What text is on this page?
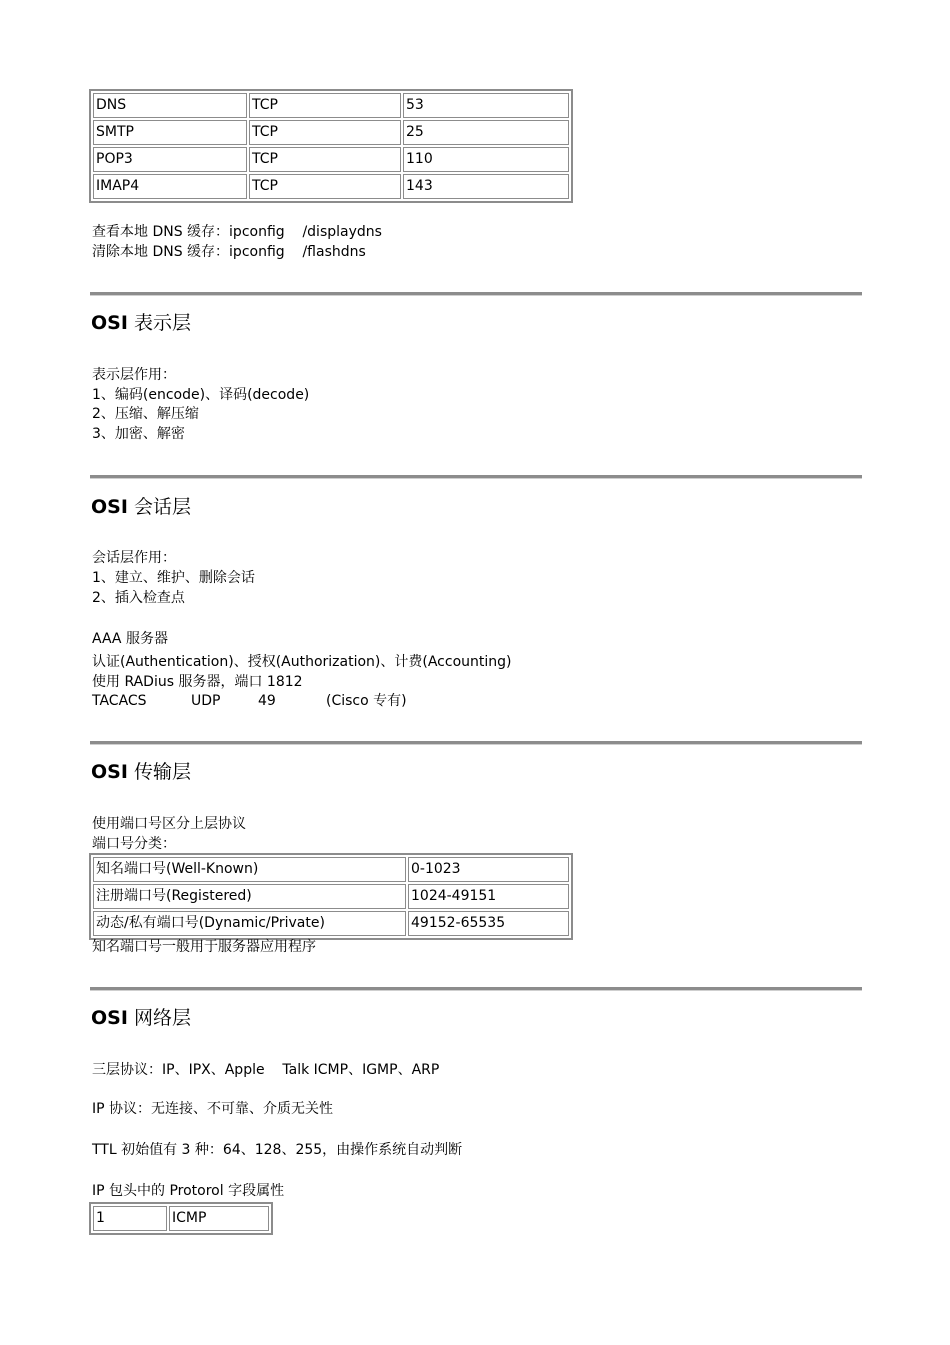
DNS	TCP	53
SMTP	TCP	25
POP3	TCP	110
IMAP4	TCP	143
查看本地 DNS 缓存：ipconfig    /displaydns
清除本地 DNS 缓存：ipconfig    /flashdns
OSI 表示层
表示层作用：
1、编码(encode)、译码(decode)
2、压缩、解压缩
3、加密、解密
OSI 会话层
会话层作用：
1、建立、维护、删除会话
2、插入检查点
AAA 服务器
认证(Authentication)、授权(Authorization)、计费(Accounting)
使用 RADius 服务器，端口 1812
TACACS	UDP	49	(Cisco 专有)
OSI 传输层
使用端口号区分上层协议
端口号分类：
知名端口号(Well-Known)	0-1023
注册端口号(Registered)	1024-49151
动态/私有端口号(Dynamic/Private)	49152-65535
知名端口号一般用于服务器应用程序
OSI 网络层
三层协议：IP、IPX、Apple    Talk ICMP、IGMP、ARP
IP 协议：无连接、不可靠、介质无关性
TTL 初始值有 3 种：64、128、255，由操作系统自动判断
IP 包头中的 Protorol 字段属性
1	ICMP
